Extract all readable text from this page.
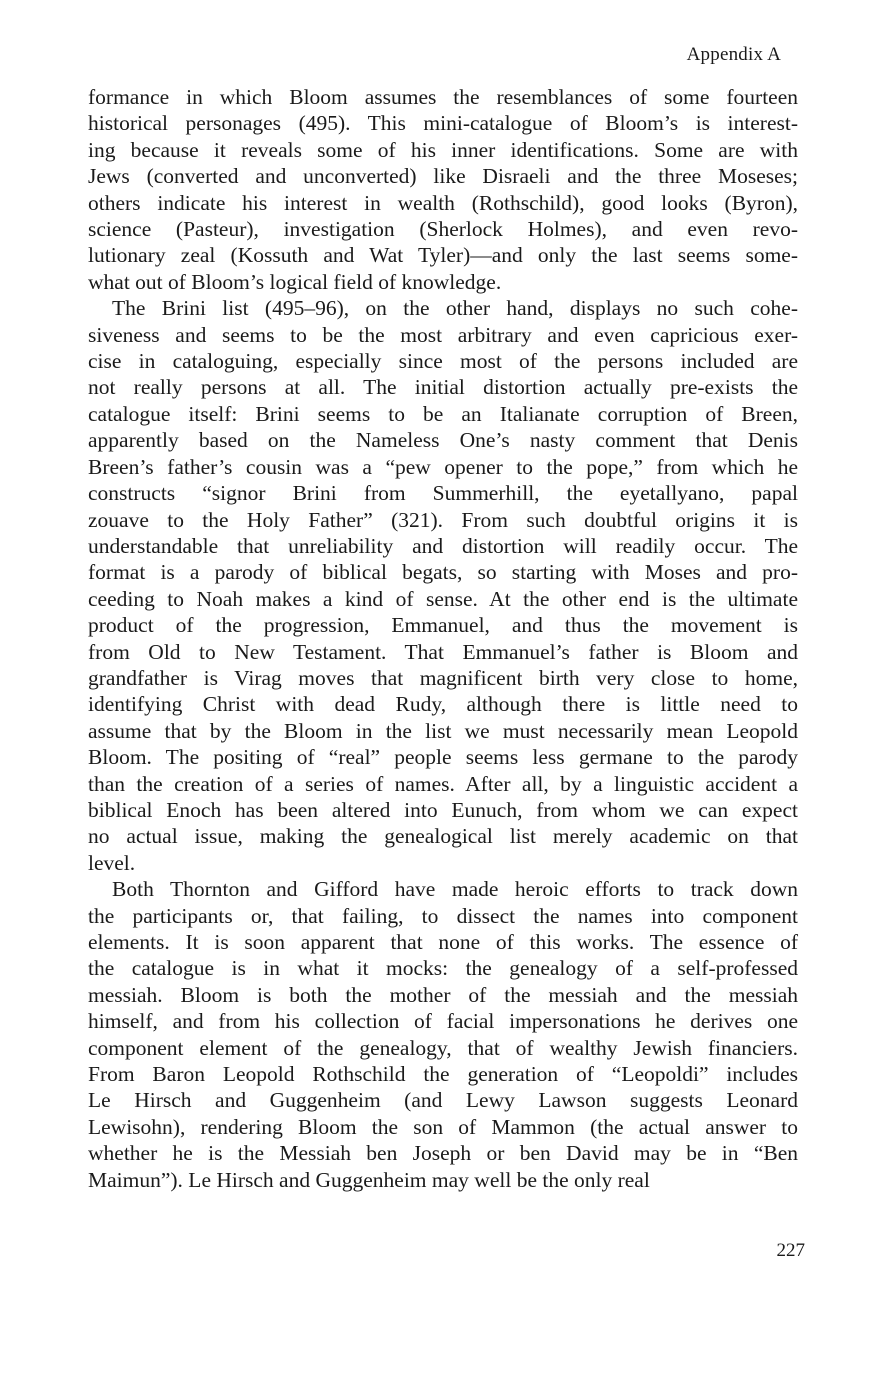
Appendix A
formance in which Bloom assumes the resemblances of some fourteen
historical personages (495). This mini-catalogue of Bloom’s is interest-
ing because it reveals some of his inner identifications. Some are with
Jews (converted and unconverted) like Disraeli and the three Moseses;
others indicate his interest in wealth (Rothschild), good looks (Byron),
science (Pasteur), investigation (Sherlock Holmes), and even revo-
lutionary zeal (Kossuth and Wat Tyler)—and only the last seems some-
what out of Bloom’s logical field of knowledge.
The Brini list (495–96), on the other hand, displays no such cohe-
siveness and seems to be the most arbitrary and even capricious exer-
cise in cataloguing, especially since most of the persons included are
not really persons at all. The initial distortion actually pre-exists the
catalogue itself: Brini seems to be an Italianate corruption of Breen,
apparently based on the Nameless One’s nasty comment that Denis
Breen’s father’s cousin was a “pew opener to the pope,” from which he
constructs “signor Brini from Summerhill, the eyetallyano, papal
zouave to the Holy Father” (321). From such doubtful origins it is
understandable that unreliability and distortion will readily occur. The
format is a parody of biblical begats, so starting with Moses and pro-
ceeding to Noah makes a kind of sense. At the other end is the ultimate
product of the progression, Emmanuel, and thus the movement is
from Old to New Testament. That Emmanuel’s father is Bloom and
grandfather is Virag moves that magnificent birth very close to home,
identifying Christ with dead Rudy, although there is little need to
assume that by the Bloom in the list we must necessarily mean Leopold
Bloom. The positing of “real” people seems less germane to the parody
than the creation of a series of names. After all, by a linguistic accident a
biblical Enoch has been altered into Eunuch, from whom we can expect
no actual issue, making the genealogical list merely academic on that
level.
Both Thornton and Gifford have made heroic efforts to track down
the participants or, that failing, to dissect the names into component
elements. It is soon apparent that none of this works. The essence of
the catalogue is in what it mocks: the genealogy of a self-professed
messiah. Bloom is both the mother of the messiah and the messiah
himself, and from his collection of facial impersonations he derives one
component element of the genealogy, that of wealthy Jewish financiers.
From Baron Leopold Rothschild the generation of “Leopoldi” includes
Le Hirsch and Guggenheim (and Lewy Lawson suggests Leonard
Lewisohn), rendering Bloom the son of Mammon (the actual answer to
whether he is the Messiah ben Joseph or ben David may be in “Ben
Maimun”). Le Hirsch and Guggenheim may well be the only real
227
